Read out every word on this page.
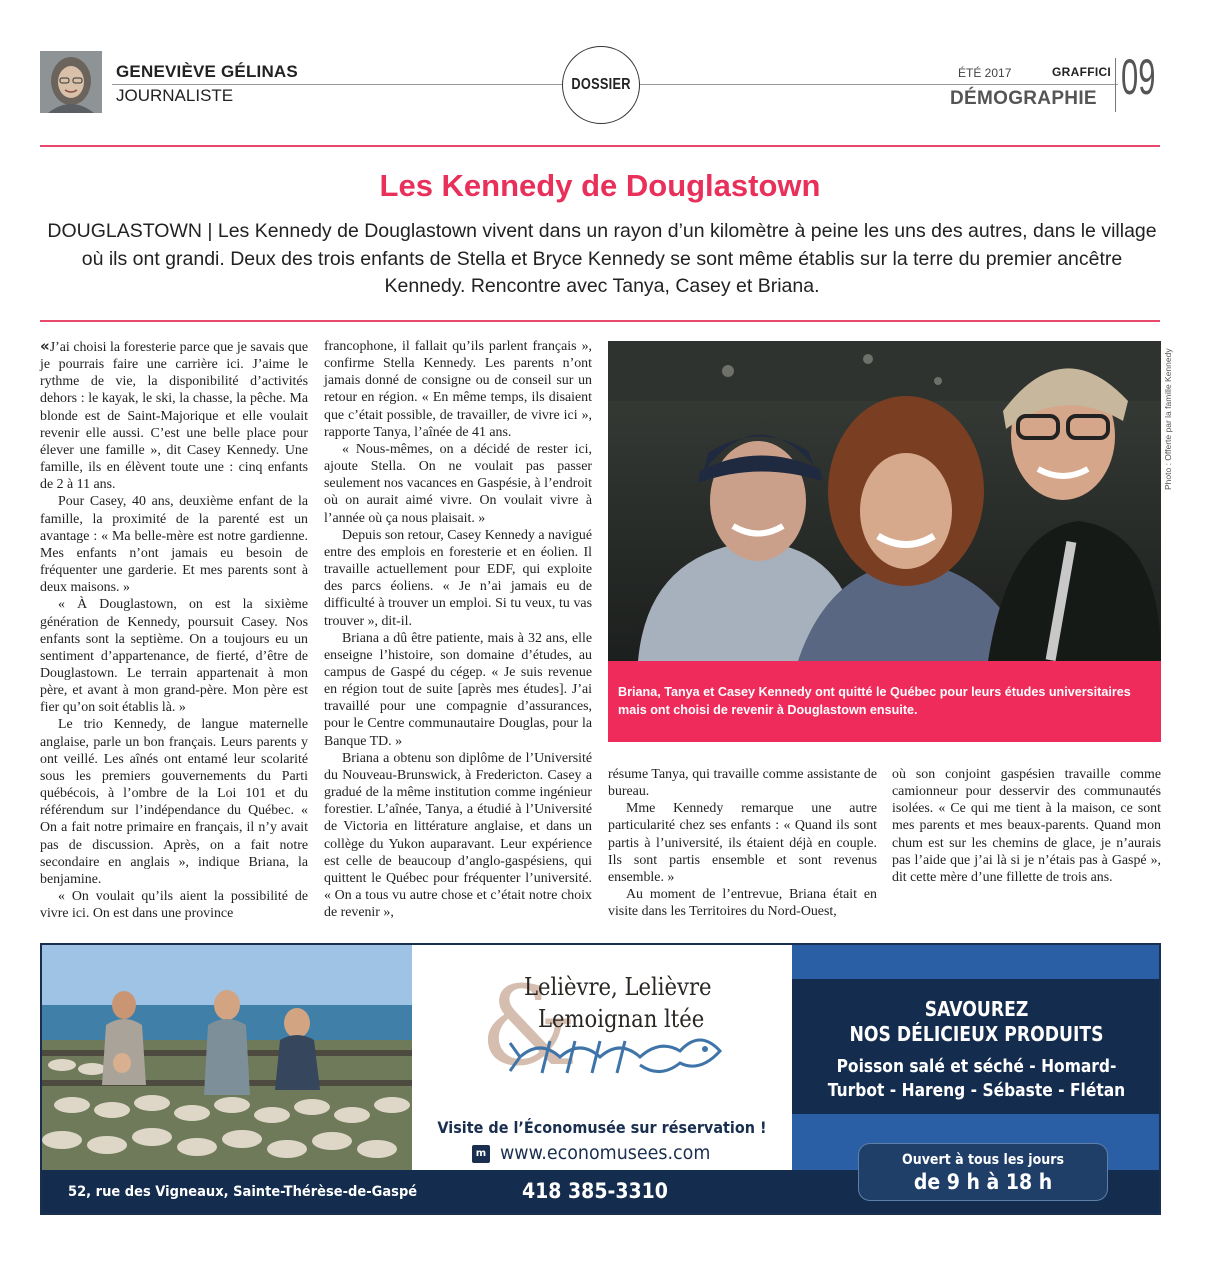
GENEVIÈVE GÉLINAS
JOURNALISTE
DOSSIER
ÉTÉ 2017	GRAFFICI
DÉMOGRAPHIE 09
Les Kennedy de Douglastown

DOUGLASTOWN | Les Kennedy de Douglastown vivent dans un rayon d’un kilomètre à peine les uns des autres, dans le village où ils ont grandi. Deux des trois enfants de Stella et Bryce Kennedy se sont même établis sur la terre du premier ancêtre Kennedy. Rencontre avec Tanya, Casey et Briana.

«J’ai choisi la foresterie parce que je savais que je pourrais faire une carrière ici. J’aime le rythme de vie, la disponibilité d’activités dehors : le kayak, le ski, la chasse, la pêche. Ma blonde est de Saint-Majorique et elle voulait revenir elle aussi. C’est une belle place pour élever une famille », dit Casey Kennedy. Une famille, ils en élèvent toute une : cinq enfants de 2 à 11 ans.

Pour Casey, 40 ans, deuxième enfant de la famille, la proximité de la parenté est un avantage : « Ma belle-mère est notre gardienne. Mes enfants n’ont jamais eu besoin de fréquenter une garderie. Et mes parents sont à deux maisons. »

« À Douglastown, on est la sixième génération de Kennedy, poursuit Casey. Nos enfants sont la septième. On a toujours eu un sentiment d’appartenance, de fierté, d’être de Douglastown. Le terrain appartenait à mon père, et avant à mon grand-père. Mon père est fier qu’on soit établis là. »

Le trio Kennedy, de langue maternelle anglaise, parle un bon français. Leurs parents y ont veillé. Les aînés ont entamé leur scolarité sous les premiers gouvernements du Parti québécois, à l’ombre de la Loi 101 et du référendum sur l’indépendance du Québec. « On a fait notre primaire en français, il n’y avait pas de discussion. Après, on a fait notre secondaire en anglais », indique Briana, la benjamine.

« On voulait qu’ils aient la possibilité de vivre ici. On est dans une province

francophone, il fallait qu’ils parlent français », confirme Stella Kennedy. Les parents n’ont jamais donné de consigne ou de conseil sur un retour en région. « En même temps, ils disaient que c’était possible, de travailler, de vivre ici », rapporte Tanya, l’aînée de 41 ans.

« Nous-mêmes, on a décidé de rester ici, ajoute Stella. On ne voulait pas passer seulement nos vacances en Gaspésie, à l’endroit où on aurait aimé vivre. On voulait vivre à l’année où ça nous plaisait. »

Depuis son retour, Casey Kennedy a navigué entre des emplois en foresterie et en éolien. Il travaille actuellement pour EDF, qui exploite des parcs éoliens. « Je n’ai jamais eu de difficulté à trouver un emploi. Si tu veux, tu vas trouver », dit-il.

Briana a dû être patiente, mais à 32 ans, elle enseigne l’histoire, son domaine d’études, au campus de Gaspé du cégep. « Je suis revenue en région tout de suite [après mes études]. J’ai travaillé pour une compagnie d’assurances, pour le Centre communautaire Douglas, pour la Banque TD. »

Briana a obtenu son diplôme de l’Université du Nouveau-Brunswick, à Fredericton. Casey a gradué de la même institution comme ingénieur forestier. L’aînée, Tanya, a étudié à l’Université de Victoria en littérature anglaise, et dans un collège du Yukon auparavant. Leur expérience est celle de beaucoup d’anglo-gaspésiens, qui quittent le Québec pour fréquenter l’université. « On a tous vu autre chose et c’était notre choix de revenir »,

résume Tanya, qui travaille comme assistante de bureau.

Mme Kennedy remarque une autre particularité chez ses enfants : « Quand ils sont partis à l’université, ils étaient déjà en couple. Ils sont partis ensemble et sont revenus ensemble. »

Au moment de l’entrevue, Briana était en visite dans les Territoires du Nord-Ouest,

où son conjoint gaspésien travaille comme camionneur pour desservir des communautés isolées. « Ce qui me tient à la maison, ce sont mes parents et mes beaux-parents. Quand mon chum est sur les chemins de glace, je n’aurais pas l’aide que j’ai là si je n’étais pas à Gaspé », dit cette mère d’une fillette de trois ans.

Photo : Offerte par la famille Kennedy
Briana, Tanya et Casey Kennedy ont quitté le Québec pour leurs études universitaires mais ont choisi de revenir à Douglastown ensuite.
&
Lelièvre, Lelièvre
Lemoignan ltée
Visite de l’Économusée sur réservation !
m www.economusees.com
SAVOUREZ
NOS DÉLICIEUX PRODUITS
Poisson salé et séché - Homard-
Turbot - Hareng - Sébaste - Flétan
52, rue des Vigneaux, Sainte-Thérèse-de-Gaspé	418 385-3310
Ouvert à tous les jours
de 9 h à 18 h
